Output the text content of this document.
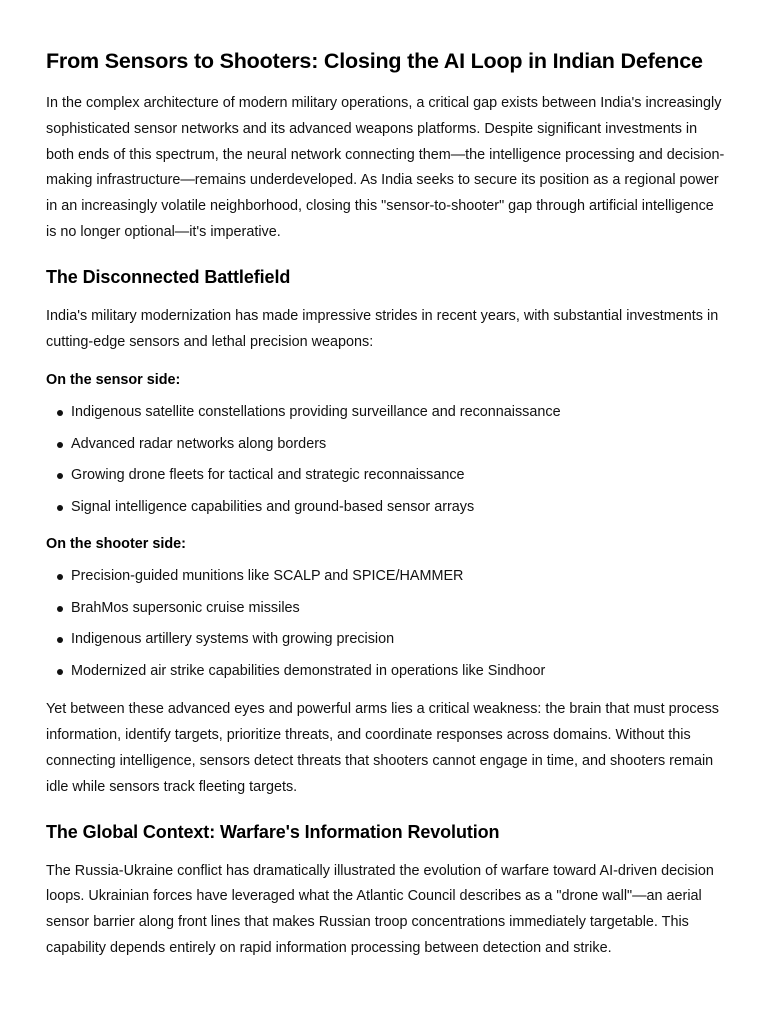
From Sensors to Shooters: Closing the AI Loop in Indian Defence

In the complex architecture of modern military operations, a critical gap exists between India's increasingly sophisticated sensor networks and its advanced weapons platforms. Despite significant investments in both ends of this spectrum, the neural network connecting them—the intelligence processing and decision-making infrastructure—remains underdeveloped. As India seeks to secure its position as a regional power in an increasingly volatile neighborhood, closing this "sensor-to-shooter" gap through artificial intelligence is no longer optional—it's imperative.

The Disconnected Battlefield

India's military modernization has made impressive strides in recent years, with substantial investments in cutting-edge sensors and lethal precision weapons:

On the sensor side:
Indigenous satellite constellations providing surveillance and reconnaissance
Advanced radar networks along borders
Growing drone fleets for tactical and strategic reconnaissance
Signal intelligence capabilities and ground-based sensor arrays
On the shooter side:
Precision-guided munitions like SCALP and SPICE/HAMMER
BrahMos supersonic cruise missiles
Indigenous artillery systems with growing precision
Modernized air strike capabilities demonstrated in operations like Sindhoor

Yet between these advanced eyes and powerful arms lies a critical weakness: the brain that must process information, identify targets, prioritize threats, and coordinate responses across domains. Without this connecting intelligence, sensors detect threats that shooters cannot engage in time, and shooters remain idle while sensors track fleeting targets.

The Global Context: Warfare's Information Revolution

The Russia-Ukraine conflict has dramatically illustrated the evolution of warfare toward AI-driven decision loops. Ukrainian forces have leveraged what the Atlantic Council describes as a "drone wall"—an aerial sensor barrier along front lines that makes Russian troop concentrations immediately targetable. This capability depends entirely on rapid information processing between detection and strike.
